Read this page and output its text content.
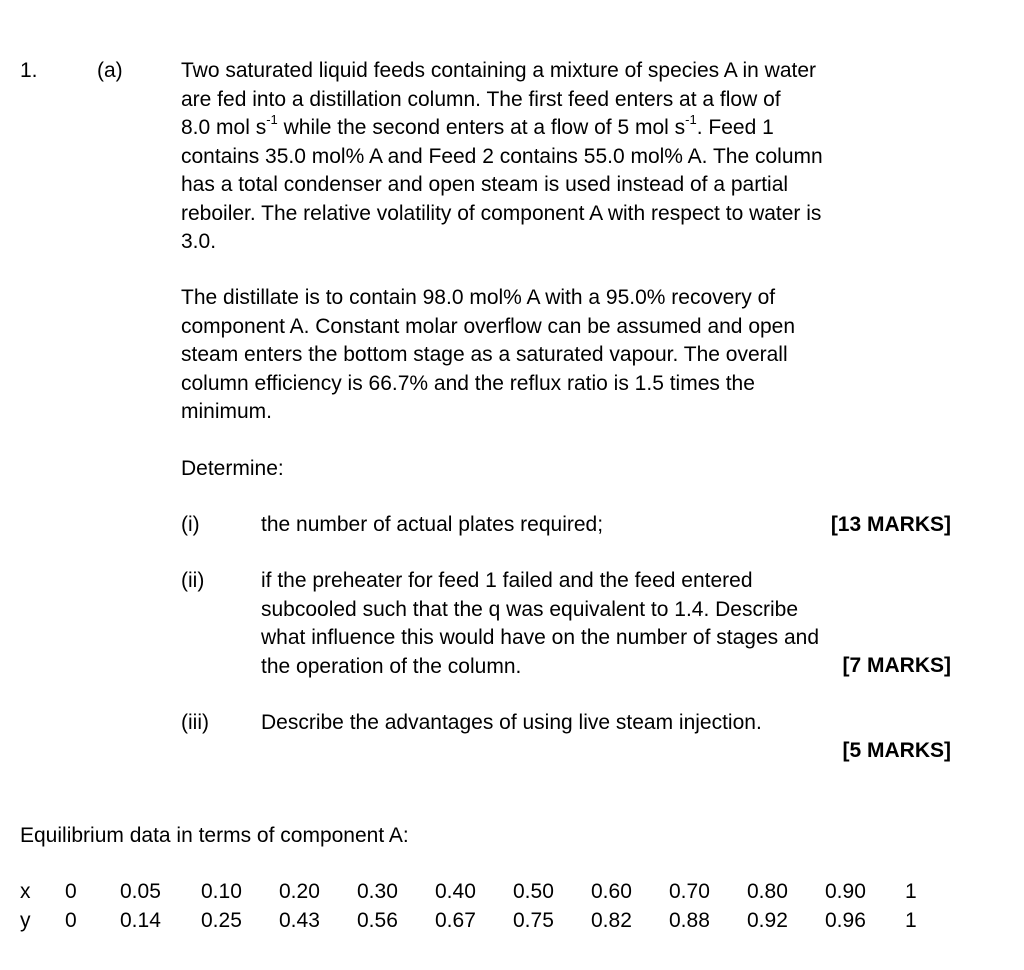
1.	(a)	Two saturated liquid feeds containing a mixture of species A in water
are fed into a distillation column. The first feed enters at a flow of
8.0 mol $s^{-1}$ while the second enters at a flow of 5 mol $s^{-1}$. Feed 1
contains 35.0 mol% A and Feed 2 contains 55.0 mol% A. The column
has a total condenser and open steam is used instead of a partial
reboiler. The relative volatility of component A with respect to water is
3.0.
The distillate is to contain 98.0 mol% A with a 95.0% recovery of
component A. Constant molar overflow can be assumed and open
steam enters the bottom stage as a saturated vapour. The overall
column efficiency is 66.7% and the reflux ratio is 1.5 times the
minimum.
Determine:
(i)	the number of actual plates required;	[13 MARKS]
(ii)	if the preheater for feed 1 failed and the feed entered
subcooled such that the q was equivalent to 1.4. Describe
what influence this would have on the number of stages and
the operation of the column.	[7 MARKS]
(iii) Describe the advantages of using live steam injection.
[5 MARKS]
Equilibrium data in terms of component A:
x	0	0.05	0.10	0.20	0.30	0.40	0.50	0.60	0.70	0.80	0.90	1
y	0	0.14	0.25	0.43	0.56	0.67	0.75	0.82	0.88	0.92	0.96	1
